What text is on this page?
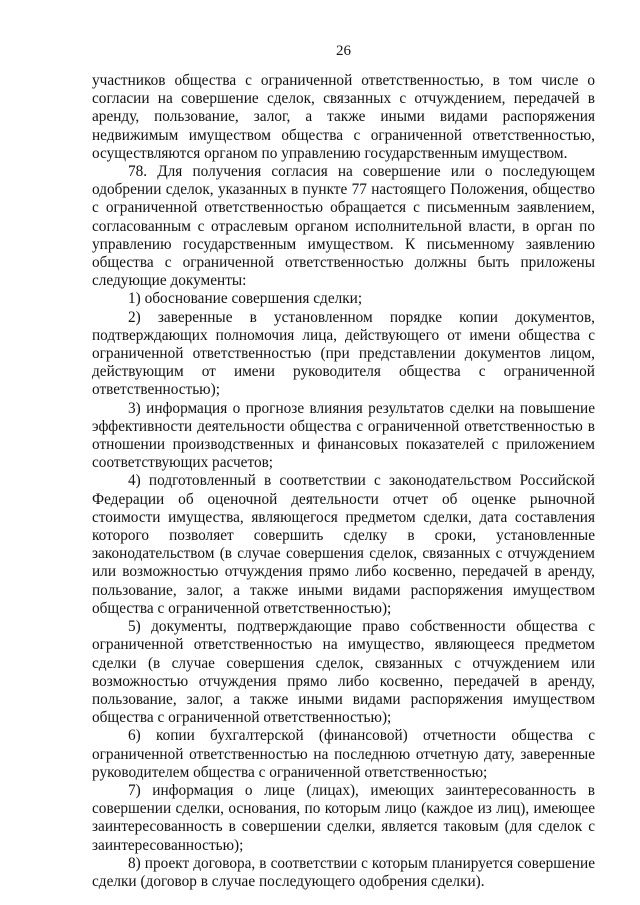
26

участников общества с ограниченной ответственностью, в том числе о согласии на совершение сделок, связанных с отчуждением, передачей в аренду, пользование, залог, а также иными видами распоряжения недвижимым имуществом общества с ограниченной ответственностью, осуществляются органом по управлению государственным имуществом.

78. Для получения согласия на совершение или о последующем одобрении сделок, указанных в пункте 77 настоящего Положения, общество с ограниченной ответственностью обращается с письменным заявлением, согласованным с отраслевым органом исполнительной власти, в орган по управлению государственным имуществом. К письменному заявлению общества с ограниченной ответственностью должны быть приложены следующие документы:

1) обоснование совершения сделки;

2) заверенные в установленном порядке копии документов, подтверждающих полномочия лица, действующего от имени общества с ограниченной ответственностью (при представлении документов лицом, действующим от имени руководителя общества с ограниченной ответственностью);

3) информация о прогнозе влияния результатов сделки на повышение эффективности деятельности общества с ограниченной ответственностью в отношении производственных и финансовых показателей с приложением соответствующих расчетов;

4) подготовленный в соответствии с законодательством Российской Федерации об оценочной деятельности отчет об оценке рыночной стоимости имущества, являющегося предметом сделки, дата составления которого позволяет совершить сделку в сроки, установленные законодательством (в случае совершения сделок, связанных с отчуждением или возможностью отчуждения прямо либо косвенно, передачей в аренду, пользование, залог, а также иными видами распоряжения имуществом общества с ограниченной ответственностью);

5) документы, подтверждающие право собственности общества с ограниченной ответственностью на имущество, являющееся предметом сделки (в случае совершения сделок, связанных с отчуждением или возможностью отчуждения прямо либо косвенно, передачей в аренду, пользование, залог, а также иными видами распоряжения имуществом общества с ограниченной ответственностью);

6) копии бухгалтерской (финансовой) отчетности общества с ограниченной ответственностью на последнюю отчетную дату, заверенные руководителем общества с ограниченной ответственностью;

7) информация о лице (лицах), имеющих заинтересованность в совершении сделки, основания, по которым лицо (каждое из лиц), имеющее заинтересованность в совершении сделки, является таковым (для сделок с заинтересованностью);

8) проект договора, в соответствии с которым планируется совершение сделки (договор в случае последующего одобрения сделки).
